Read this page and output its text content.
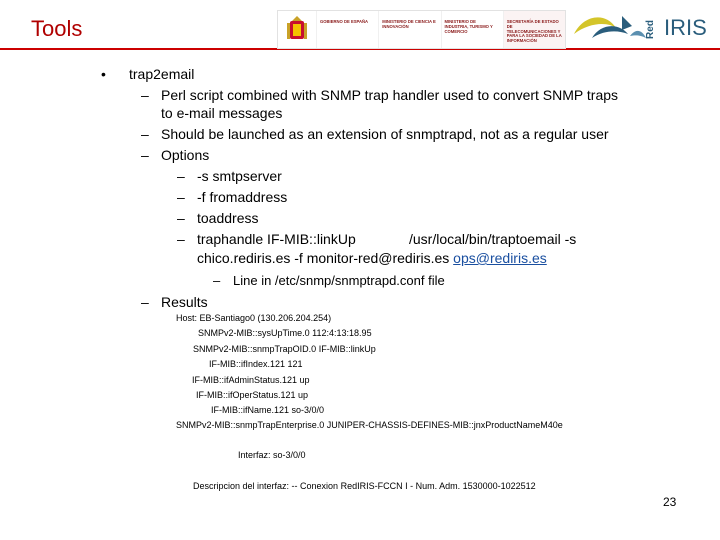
Tools	GOBIERNO DE ESPAÑA	MINISTERIO DE CIENCIA E INNOVACIÓN
MINISTERIO DE INDUSTRIA, TURISMO Y COMERCIO
SECRETARÍA DE ESTADO DE TELECOMUNICACIONES Y PARA LA SOCIEDAD DE LA INFORMACIÓN
Red IRIS
• trap2email
– Perl script combined with SNMP trap handler used to convert SNMP traps
to e-mail messages
– Should be launched as an extension of snmptrapd, not as a regular user
– Options
– -s smtpserver
– -f fromaddress
– toaddress
– traphandle IF-MIB::linkUp	/usr/local/bin/traptoemail -s
chico.rediris.es -f monitor-red@rediris.es ops@rediris.es
– Line in /etc/snmp/snmptrapd.conf file
– Results
Host: EB-Santiago0 (130.206.204.254)
SNMPv2-MIB::sysUpTime.0 112:4:13:18.95
SNMPv2-MIB::snmpTrapOID.0 IF-MIB::linkUp
IF-MIB::ifIndex.121 121
IF-MIB::ifAdminStatus.121 up
IF-MIB::ifOperStatus.121 up
IF-MIB::ifName.121 so-3/0/0
SNMPv2-MIB::snmpTrapEnterprise.0 JUNIPER-CHASSIS-DEFINES-MIB::jnxProductNameM40e
Interfaz: so-3/0/0
Descripcion del interfaz: -- Conexion RedIRIS-FCCN I - Num. Adm. 1530000-1022512
23
